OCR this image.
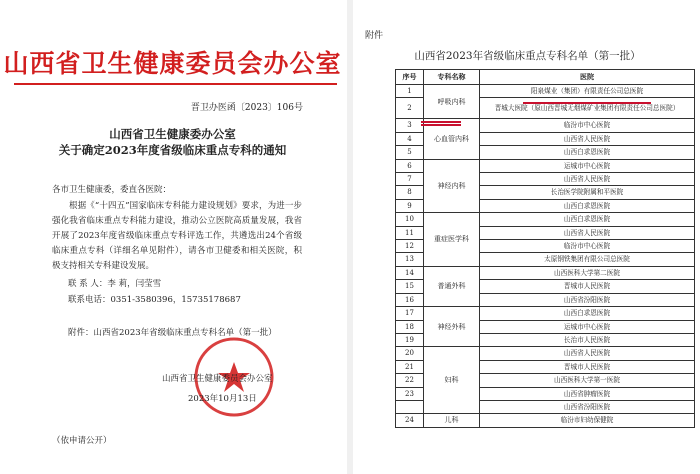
山西省卫生健康委员会办公室
晋卫办医函〔2023〕106号
山西省卫生健康委办公室
关于确定2023年度省级临床重点专科的通知
各市卫生健康委，委直各医院：
根据《“十四五”国家临床专科能力建设规划》要求，为进一步强化我省临床重点专科能力建设，推动公立医院高质量发展，我省开展了2023年度省级临床重点专科评选工作，共遴选出24个省级临床重点专科（详细名单见附件），请各市卫健委和相关医院，积极支持相关专科建设发展。
联 系 人：李 莉，闫莹雪
联系电话：0351-3580396，15735178687
附件：山西省2023年省级临床重点专科名单（第一批）
山西省卫生健康委员会办公室
2023年10月13日
（依申请公开）
附件
山西省2023年省级临床重点专科名单（第一批）
序号	专科名称	医院
1	呼吸内科	阳泉煤业（集团）有限责任公司总医院
2		晋城大医院（原山西晋城无烟煤矿业集团有限责任公司总医院）
3	心血管内科	临汾市中心医院
4		山西省人民医院
5		山西白求恩医院
6	神经内科	运城市中心医院
7		山西省人民医院
8		长治医学院附属和平医院
9		山西白求恩医院
10	重症医学科	山西白求恩医院
11		山西省人民医院
12		临汾市中心医院
13		太原钢铁集团有限公司总医院
14	普通外科	山西医科大学第二医院
15		晋城市人民医院
16		山西省汾阳医院
17	神经外科	山西白求恩医院
18		运城市中心医院
19		长治市人民医院
20	妇科	山西省人民医院
21		晋城市人民医院
22		山西医科大学第一医院
23		山西省肿瘤医院
		山西省汾阳医院
24	儿科	临汾市妇幼保健院
